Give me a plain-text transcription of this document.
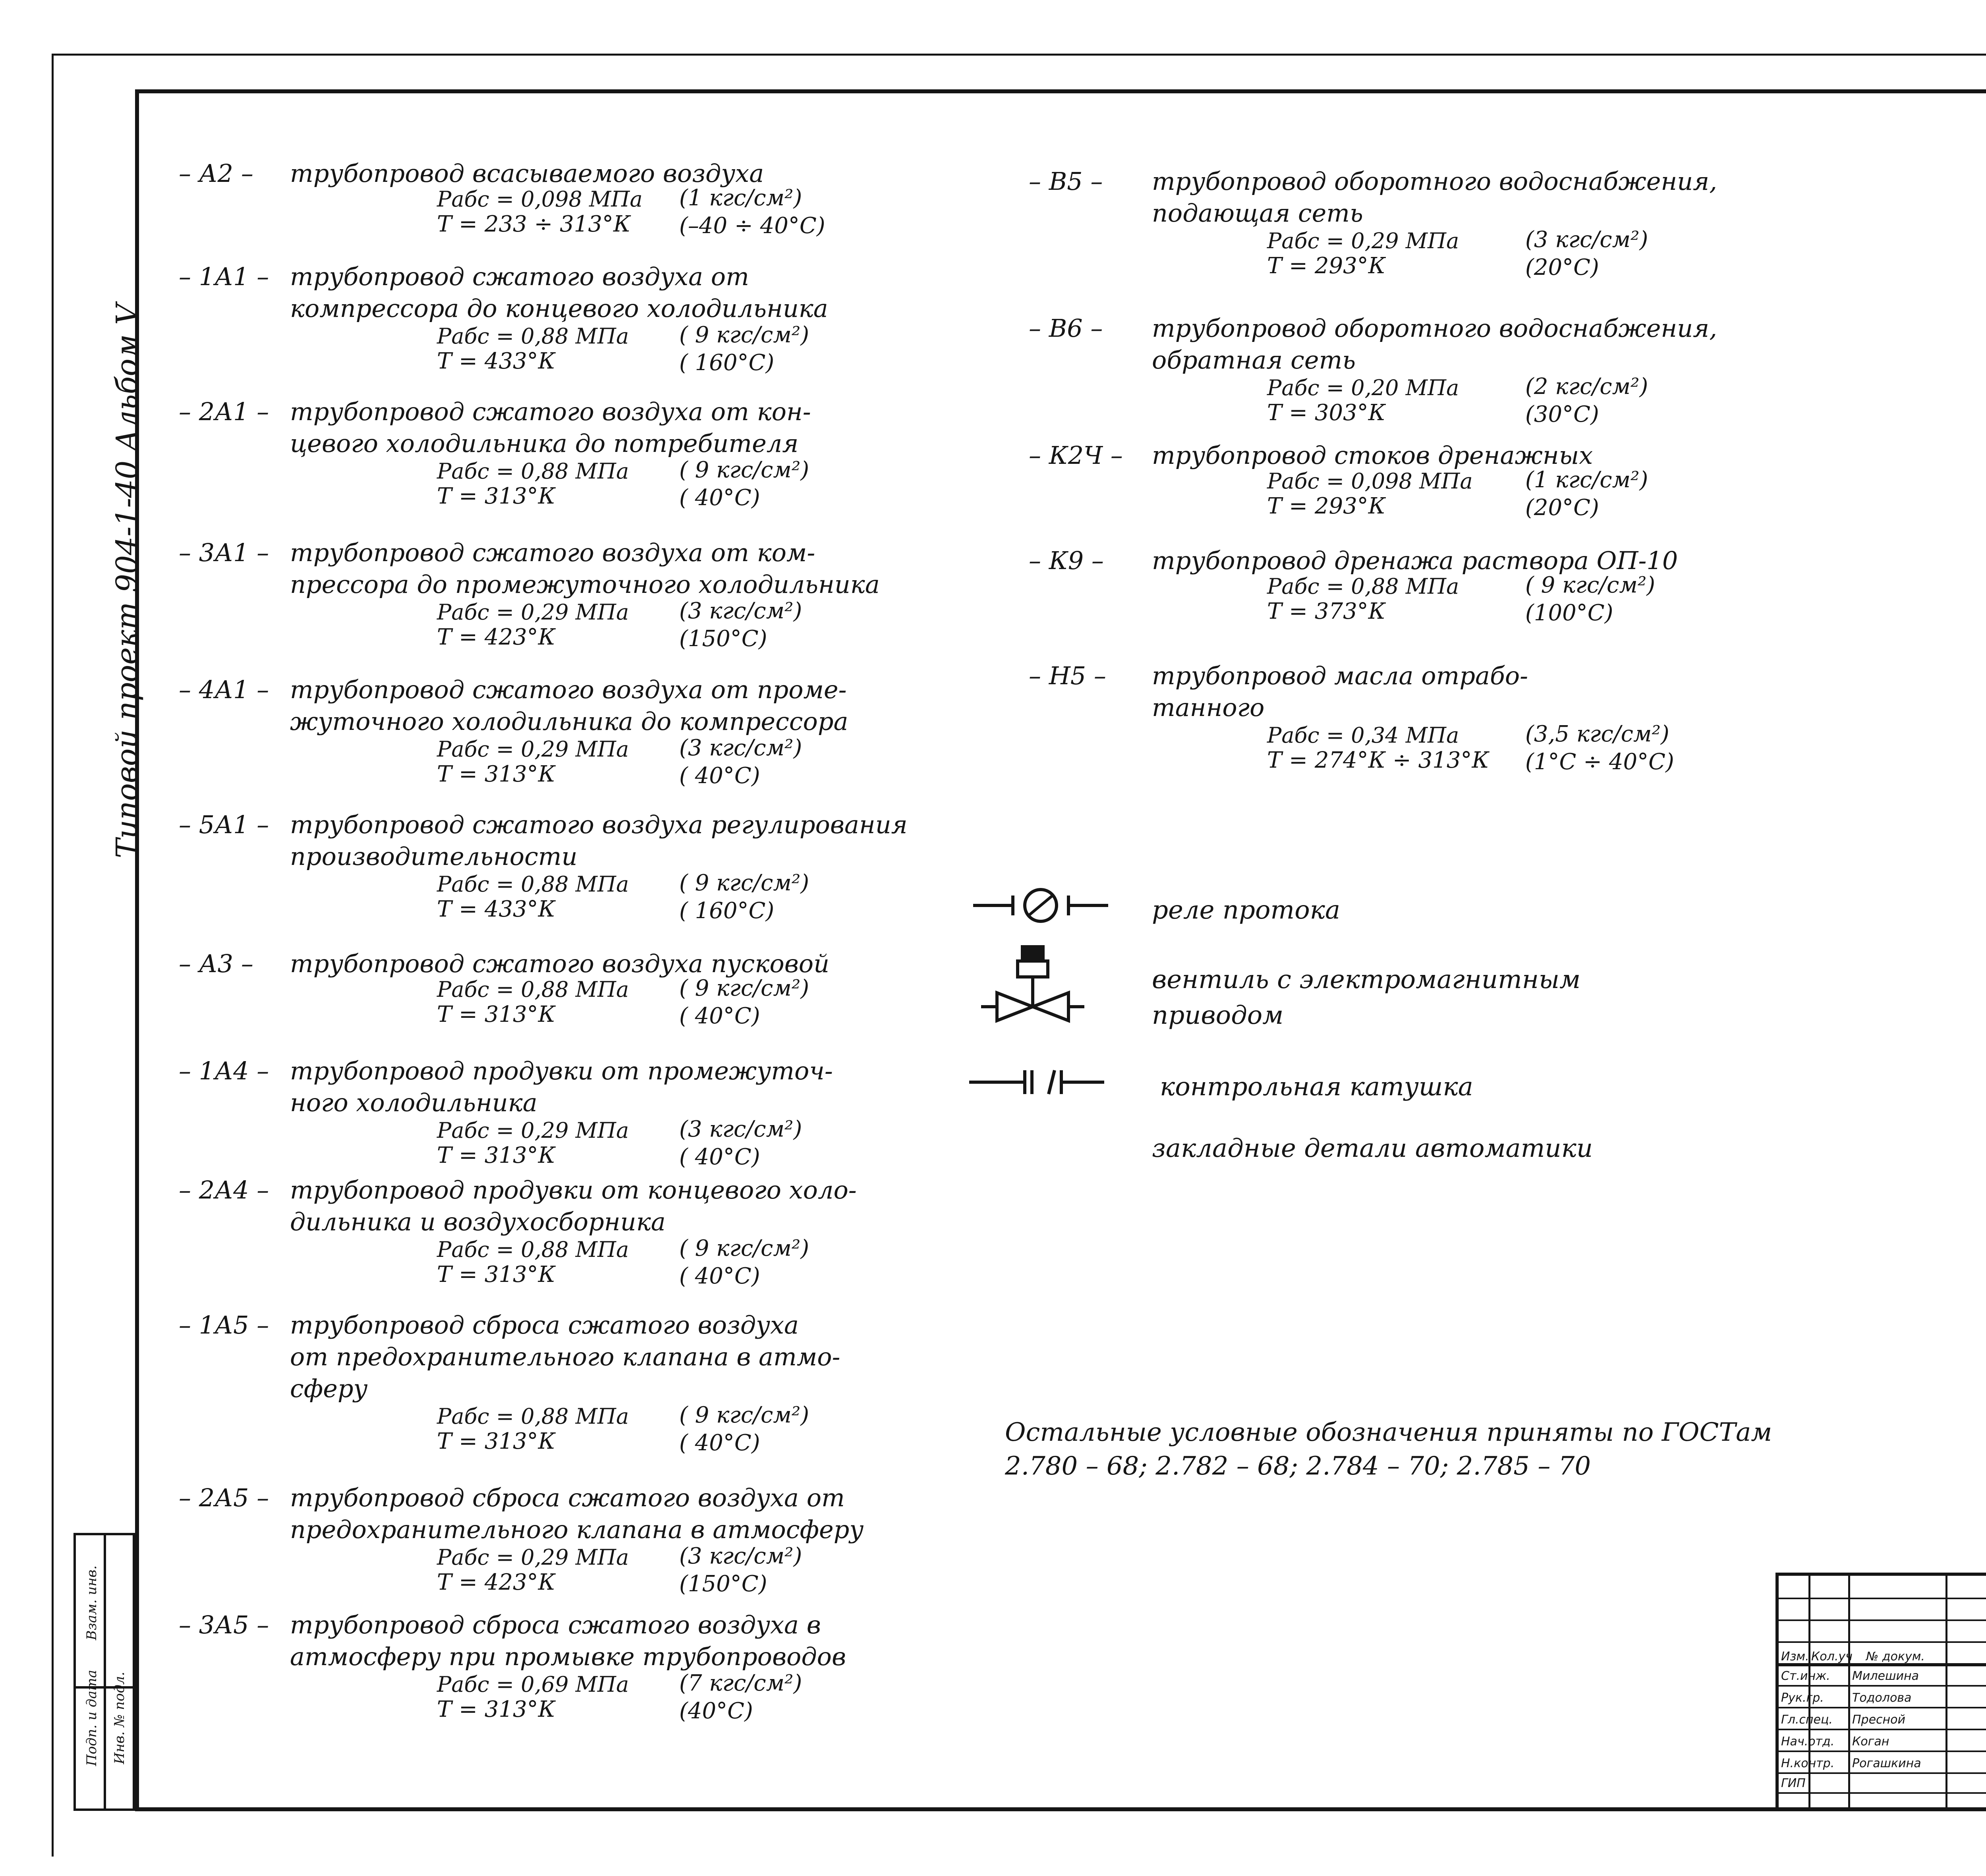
Типовой проект 904-1-40 Альбом V
Взам. инв.
Подп. и дата Инв. № подл.
– А2 – трубопровод всасываемого воздуха
Рабс = 0,098 МПа (1 кгс/см²)
Т = 233 ÷ 313°К (–40 ÷ 40°С)
– 1А1 – трубопровод сжатого воздуха от
компрессора до концевого холодильника
Рабс = 0,88 МПа ( 9 кгс/см²)
Т = 433°К	( 160°С)
– 2А1 – трубопровод сжатого воздуха от кон-
цевого холодильника до потребителя
Рабс = 0,88 МПа ( 9 кгс/см²)
Т = 313°К	( 40°С)
– 3А1 – трубопровод сжатого воздуха от ком-
прессора до промежуточного холодильника
Рабс = 0,29 МПа (3 кгс/см²)
Т = 423°К	(150°С)
– 4А1 – трубопровод сжатого воздуха от проме-
жуточного холодильника до компрессора
Рабс = 0,29 МПа (3 кгс/см²)
Т = 313°К	( 40°С)
– 5А1 – трубопровод сжатого воздуха регулирования
производительности
Рабс = 0,88 МПа ( 9 кгс/см²)
Т = 433°К	( 160°С)
– А3 – трубопровод сжатого воздуха пусковой
Рабс = 0,88 МПа ( 9 кгс/см²)
Т = 313°К	( 40°С)
– 1А4 – трубопровод продувки от промежуточ-
ного холодильника
Рабс = 0,29 МПа (3 кгс/см²)
Т = 313°К	( 40°С)
– 2А4 – трубопровод продувки от концевого холо-
дильника и воздухосборника
Рабс = 0,88 МПа ( 9 кгс/см²)
Т = 313°К	( 40°С)
– 1А5 – трубопровод сброса сжатого воздуха
от предохранительного клапана в атмо-
сферу
Рабс = 0,88 МПа ( 9 кгс/см²)
Т = 313°К	( 40°С)
– 2А5 – трубопровод сброса сжатого воздуха от
предохранительного клапана в атмосферу
Рабс = 0,29 МПа (3 кгс/см²)
Т = 423°К	(150°С)
– 3А5 – трубопровод сброса сжатого воздуха в
атмосферу при промывке трубопроводов
Рабс = 0,69 МПа (7 кгс/см²)
Т = 313°К	(40°С)
– В5 – трубопровод оборотного водоснабжения,
подающая сеть
Рабс = 0,29 МПа	(3 кгс/см²)
Т = 293°К	(20°С)
– В6 – трубопровод оборотного водоснабжения,
обратная сеть
Рабс = 0,20 МПа	(2 кгс/см²)
Т = 303°К	(30°С)
– К2Ч – трубопровод стоков дренажных
Рабс = 0,098 МПа (1 кгс/см²)
Т = 293°К	(20°С)
– К9 – трубопровод дренажа раствора ОП-10
Рабс = 0,88 МПа	( 9 кгс/см²)
Т = 373°К	(100°С)
– Н5 – трубопровод масла отрабо-
танного
Рабс = 0,34 МПа	(3,5 кгс/см²)
Т = 274°К ÷ 313°К (1°С ÷ 40°С)
реле протока
вентиль с электромагнитным
приводом
контрольная катушка
закладные детали автоматики
Остальные условные обозначения приняты по ГОСТам
2.780 – 68; 2.782 – 68; 2.784 – 70; 2.785 – 70
Изм. Кол.уч № докум.
Ст.инж. Милешина
Рук.гр. Тодолова
Гл.спец. Пресной
Нач.отд. Коган
Н.контр. Рогашкина
ГИП
